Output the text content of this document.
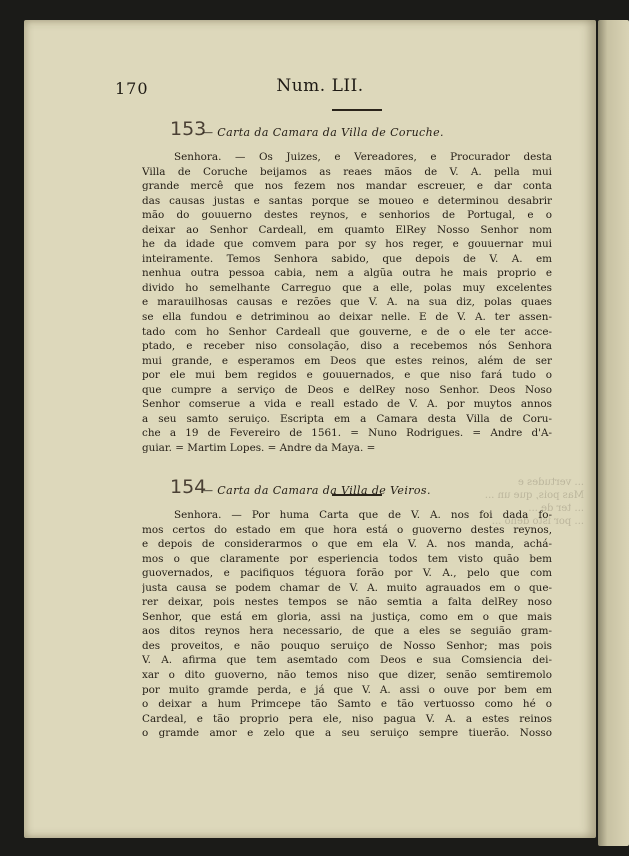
170	Num. LII.
153
— Carta da Camara da Villa de Coruche.
Senhora. — Os Juizes, e Vereadores, e Procurador desta
Villa de Coruche beijamos as reaes mãos de V. A. pella mui
grande mercê que nos fezem nos mandar escreuer, e dar conta
das causas justas e santas porque se moueo e determinou desabrir
mão do gouuerno destes reynos, e senhorios de Portugal, e o
deixar ao Senhor Cardeall, em quamto ElRey Nosso Senhor nom
he da idade que comvem para por sy hos reger, e gouuernar mui
inteiramente. Temos Senhora sabido, que depois de V. A. em
nenhua outra pessoa cabia, nem a algũa outra he mais proprio e
divido ho semelhante Carreguo que a elle, polas muy excelentes
e marauilhosas causas e rezões que V. A. na sua diz, polas quaes
se ella fundou e detriminou ao deixar nelle. E de V. A. ter assen-
tado com ho Senhor Cardeall que gouverne, e de o ele ter acce-
ptado, e receber niso consolação, diso a recebemos nós Senhora
mui grande, e esperamos em Deos que estes reinos, além de ser
por ele mui bem regidos e gouuernados, e que niso fará tudo o
que cumpre a serviço de Deos e delRey noso Senhor. Deos Noso
Senhor comserue a vida e reall estado de V. A. por muytos annos
a seu samto seruiço. Escripta em a Camara desta Villa de Coru-
che a 19 de Fevereiro de 1561. = Nuno Rodrigues. = Andre d'A-
guiar. = Martim Lopes. = Andre da Maya. =
... vertudes e
Mas pois, que un ...
... ter de ...
... por isto deno ...
154
— Carta da Camara da Villa de Veiros.
Senhora. — Por huma Carta que de V. A. nos foi dada fo-
mos certos do estado em que hora está o guoverno destes reynos,
e depois de considerarmos o que em ela V. A. nos manda, achá-
mos o que claramente por esperiencia todos tem visto quão bem
guovernados, e pacifiquos téguora forão por V. A., pelo que com
justa causa se podem chamar de V. A. muito agrauados em o que-
rer deixar, pois nestes tempos se não semtia a falta delRey noso
Senhor, que está em gloria, assi na justiça, como em o que mais
aos ditos reynos hera necessario, de que a eles se seguião gram-
des proveitos, e não pouquo seruiço de Nosso Senhor; mas pois
V. A. afirma que tem asemtado com Deos e sua Comsiencia dei-
xar o dito guoverno, não temos niso que dizer, senão semtiremolo
por muito gramde perda, e já que V. A. assi o ouve por bem em
o deixar a hum Primcepe tão Samto e tão vertuosso como hé o
Cardeal, e tão proprio pera ele, niso pagua V. A. a estes reinos
o gramde amor e zelo que a seu seruiço sempre tiuerão. Nosso
